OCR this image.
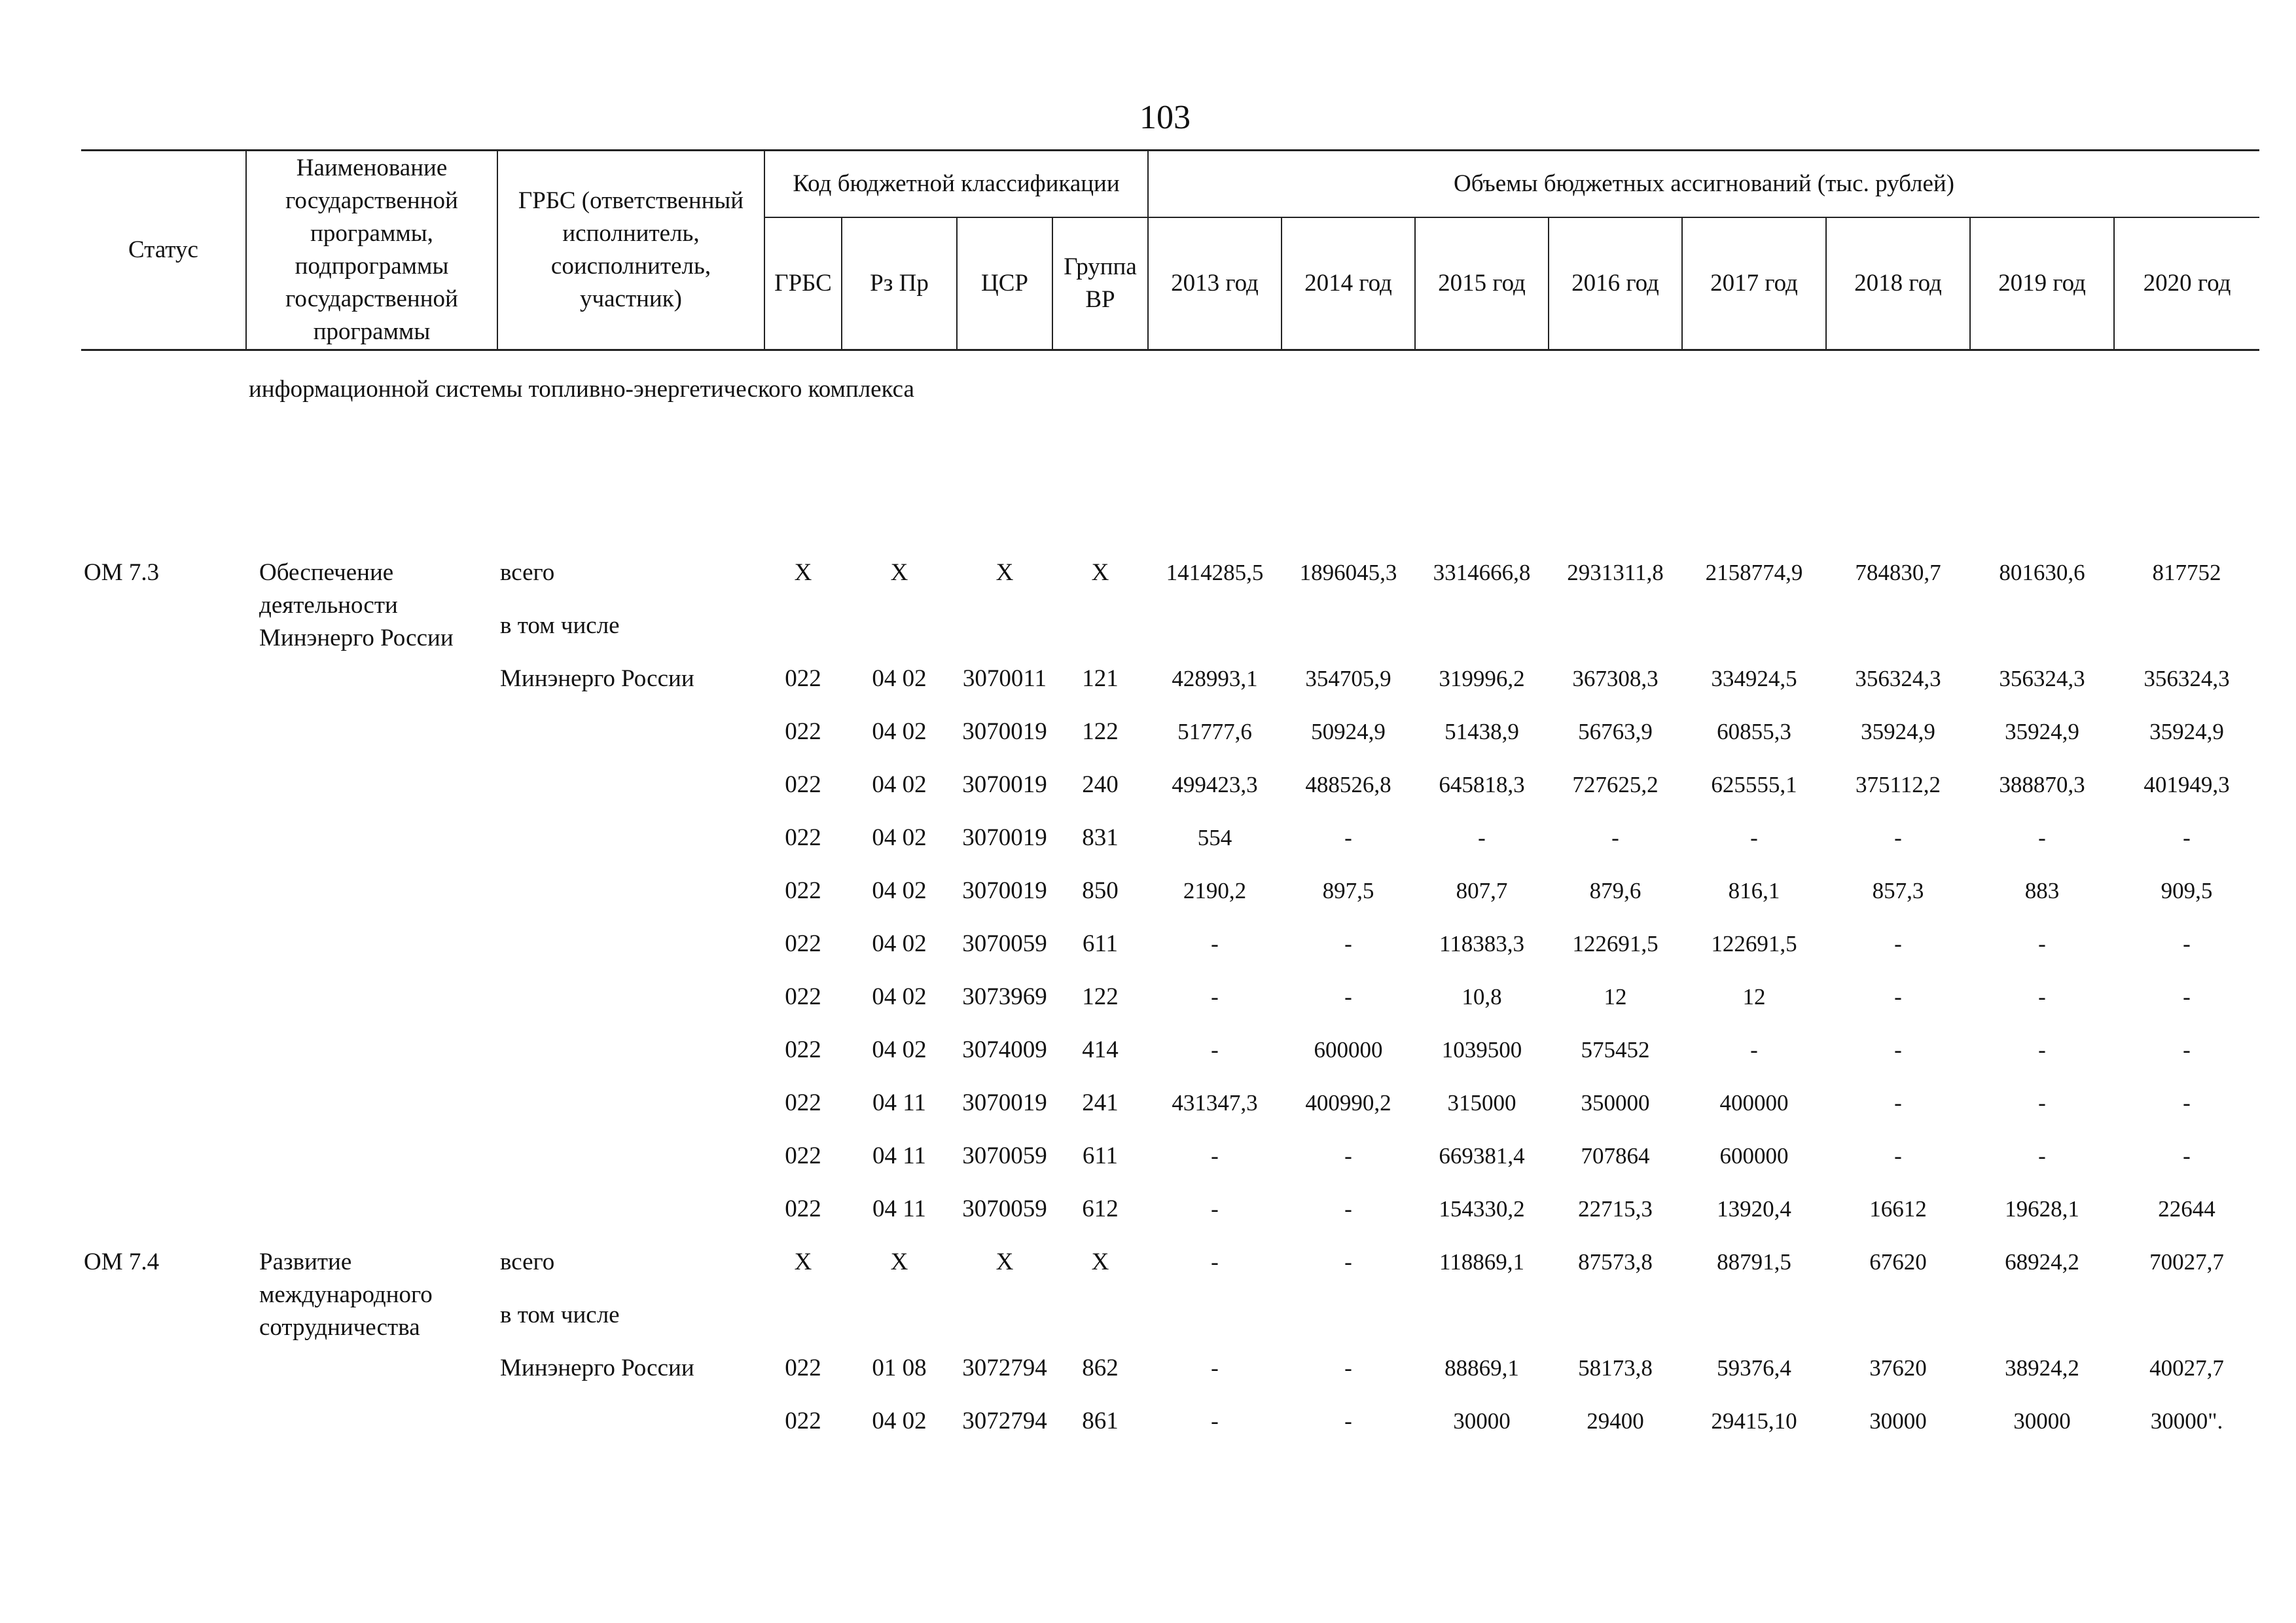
103
Статус	Наименование государственной программы, подпрограммы государственной программы	ГРБС (ответственный исполнитель, соисполнитель, участник)	Код бюджетной классификации				Объемы бюджетных ассигнований (тыс. рублей)							
			ГРБС	Рз Пр	ЦСР	Группа ВР	2013 год	2014 год	2015 год	2016 год	2017 год	2018 год	2019 год	2020 год

	информационной системы топливно-энергетического комплекса													
ОМ 7.3	Обеспечение деятельности Минэнерго России	всего	X	X	X	X	1414285,5	1896045,3	3314666,8	2931311,8	2158774,9	784830,7	801630,6	817752
		в том числе												
		Минэнерго России	022	04 02	3070011	121	428993,1	354705,9	319996,2	367308,3	334924,5	356324,3	356324,3	356324,3
			022	04 02	3070019	122	51777,6	50924,9	51438,9	56763,9	60855,3	35924,9	35924,9	35924,9
			022	04 02	3070019	240	499423,3	488526,8	645818,3	727625,2	625555,1	375112,2	388870,3	401949,3
			022	04 02	3070019	831	554	-	-	-	-	-	-	-
			022	04 02	3070019	850	2190,2	897,5	807,7	879,6	816,1	857,3	883	909,5
			022	04 02	3070059	611	-	-	118383,3	122691,5	122691,5	-	-	-
			022	04 02	3073969	122	-	-	10,8	12	12	-	-	-
			022	04 02	3074009	414	-	600000	1039500	575452	-	-	-	-
			022	04 11	3070019	241	431347,3	400990,2	315000	350000	400000	-	-	-
			022	04 11	3070059	611	-	-	669381,4	707864	600000	-	-	-
			022	04 11	3070059	612	-	-	154330,2	22715,3	13920,4	16612	19628,1	22644
ОМ 7.4	Развитие международного сотрудничества	всего	X	X	X	X	-	-	118869,1	87573,8	88791,5	67620	68924,2	70027,7
		в том числе												
		Минэнерго России	022	01 08	3072794	862	-	-	88869,1	58173,8	59376,4	37620	38924,2	40027,7
			022	04 02	3072794	861	-	-	30000	29400	29415,10	30000	30000	30000".
